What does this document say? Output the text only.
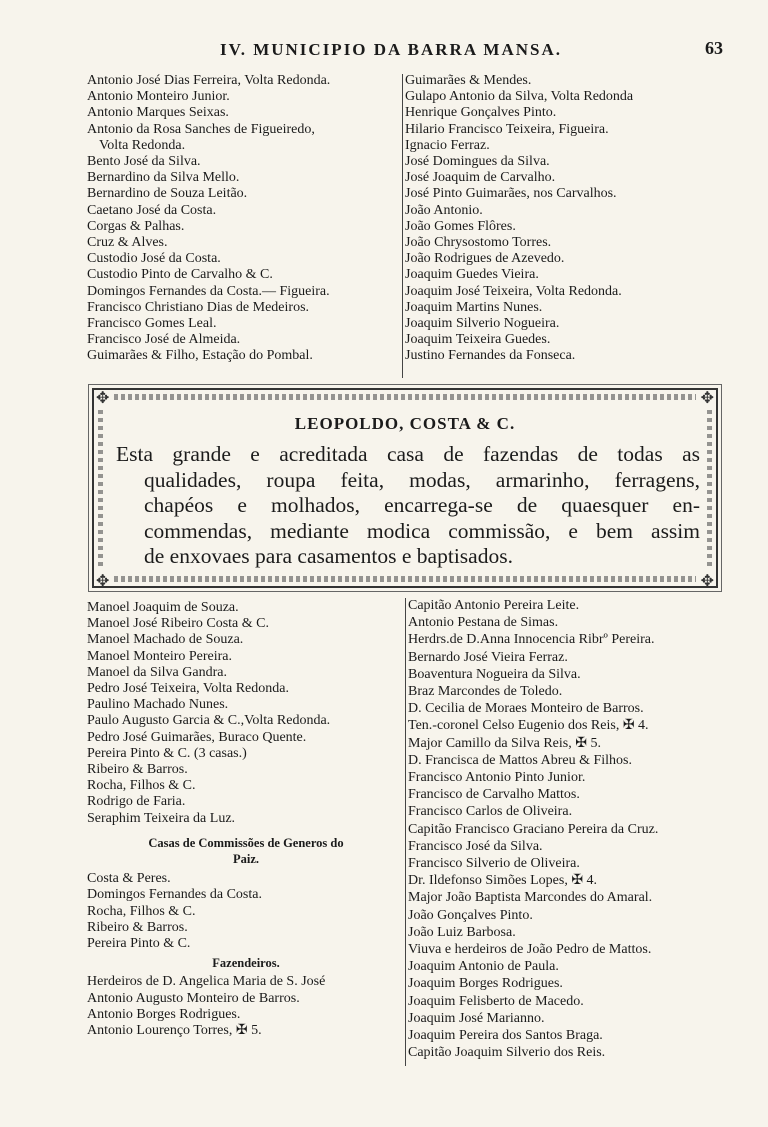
IV. MUNICIPIO DA BARRA MANSA.	63
Antonio José Dias Ferreira, Volta Redonda.
Antonio Monteiro Junior.
Antonio Marques Seixas.
Antonio da Rosa Sanches de Figueiredo,
Volta Redonda.
Bento José da Silva.
Bernardino da Silva Mello.
Bernardino de Souza Leitão.
Caetano José da Costa.
Corgas & Palhas.
Cruz & Alves.
Custodio José da Costa.
Custodio Pinto de Carvalho & C.
Domingos Fernandes da Costa.— Figueira.
Francisco Christiano Dias de Medeiros.
Francisco Gomes Leal.
Francisco José de Almeida.
Guimarães & Filho, Estação do Pombal.
Guimarães & Mendes.
Gulapo Antonio da Silva, Volta Redonda
Henrique Gonçalves Pinto.
Hilario Francisco Teixeira, Figueira.
Ignacio Ferraz.
José Domingues da Silva.
José Joaquim de Carvalho.
José Pinto Guimarães, nos Carvalhos.
João Antonio.
João Gomes Flôres.
João Chrysostomo Torres.
João Rodrigues de Azevedo.
Joaquim Guedes Vieira.
Joaquim José Teixeira, Volta Redonda.
Joaquim Martins Nunes.
Joaquim Silverio Nogueira.
Joaquim Teixeira Guedes.
Justino Fernandes da Fonseca.
✥	✥
✥	✥
LEOPOLDO, COSTA & C.
Esta grande e acreditada casa de fazendas de todas as
qualidades, roupa feita, modas, armarinho, ferragens,
chapéos e molhados, encarrega-se de quaesquer en-
commendas, mediante modica commissão, e bem assim
de enxovaes para casamentos e baptisados.
Manoel Joaquim de Souza.
Manoel José Ribeiro Costa & C.
Manoel Machado de Souza.
Manoel Monteiro Pereira.
Manoel da Silva Gandra.
Pedro José Teixeira, Volta Redonda.
Paulino Machado Nunes.
Paulo Augusto Garcia & C.,Volta Redonda.
Pedro José Guimarães, Buraco Quente.
Pereira Pinto & C. (3 casas.)
Ribeiro & Barros.
Rocha, Filhos & C.
Rodrigo de Faria.
Seraphim Teixeira da Luz.
Casas de Commissões de Generos do
Paiz.
Costa & Peres.
Domingos Fernandes da Costa.
Rocha, Filhos & C.
Ribeiro & Barros.
Pereira Pinto & C.
Fazendeiros.
Herdeiros de D. Angelica Maria de S. José
Antonio Augusto Monteiro de Barros.
Antonio Borges Rodrigues.
Antonio Lourenço Torres, ✠ 5.
Capitão Antonio Pereira Leite.
Antonio Pestana de Simas.
Herdrs.de D.Anna Innocencia Ribrº Pereira.
Bernardo José Vieira Ferraz.
Boaventura Nogueira da Silva.
Braz Marcondes de Toledo.
D. Cecilia de Moraes Monteiro de Barros.
Ten.-coronel Celso Eugenio dos Reis, ✠ 4.
Major Camillo da Silva Reis, ✠ 5.
D. Francisca de Mattos Abreu & Filhos.
Francisco Antonio Pinto Junior.
Francisco de Carvalho Mattos.
Francisco Carlos de Oliveira.
Capitão Francisco Graciano Pereira da Cruz.
Francisco José da Silva.
Francisco Silverio de Oliveira.
Dr. Ildefonso Simões Lopes, ✠ 4.
Major João Baptista Marcondes do Amaral.
João Gonçalves Pinto.
João Luiz Barbosa.
Viuva e herdeiros de João Pedro de Mattos.
Joaquim Antonio de Paula.
Joaquim Borges Rodrigues.
Joaquim Felisberto de Macedo.
Joaquim José Marianno.
Joaquim Pereira dos Santos Braga.
Capitão Joaquim Silverio dos Reis.
